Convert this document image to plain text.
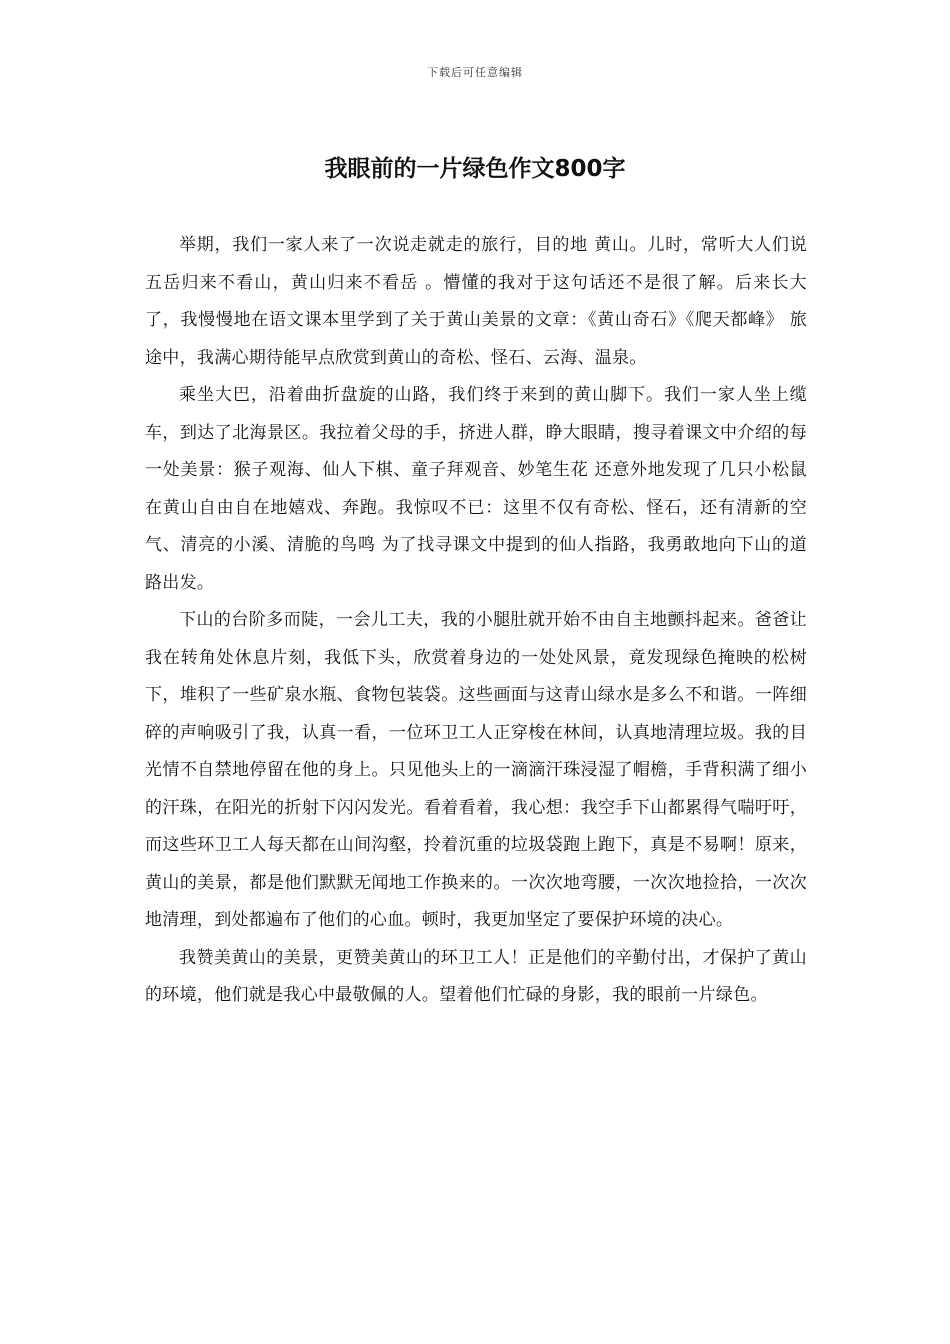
下载后可任意编辑
我眼前的一片绿色作文800字

举期，我们一家人来了一次说走就走的旅行，目的地 黄山。儿时，常听大人们说 五岳归来不看山，黄山归来不看岳 。懵懂的我对于这句话还不是很了解。后来长大了，我慢慢地在语文课本里学到了关于黄山美景的文章：《黄山奇石》《爬天都峰》 旅途中，我满心期待能早点欣赏到黄山的奇松、怪石、云海、温泉。

乘坐大巴，沿着曲折盘旋的山路，我们终于来到的黄山脚下。我们一家人坐上缆车，到达了北海景区。我拉着父母的手，挤进人群，睁大眼睛，搜寻着课文中介绍的每一处美景：猴子观海、仙人下棋、童子拜观音、妙笔生花 还意外地发现了几只小松鼠在黄山自由自在地嬉戏、奔跑。我惊叹不已：这里不仅有奇松、怪石，还有清新的空气、清亮的小溪、清脆的鸟鸣 为了找寻课文中提到的仙人指路，我勇敢地向下山的道路出发。

下山的台阶多而陡，一会儿工夫，我的小腿肚就开始不由自主地颤抖起来。爸爸让我在转角处休息片刻，我低下头，欣赏着身边的一处处风景，竟发现绿色掩映的松树下，堆积了一些矿泉水瓶、食物包装袋。这些画面与这青山绿水是多么不和谐。一阵细碎的声响吸引了我，认真一看，一位环卫工人正穿梭在林间，认真地清理垃圾。我的目光情不自禁地停留在他的身上。只见他头上的一滴滴汗珠浸湿了帽檐，手背积满了细小的汗珠，在阳光的折射下闪闪发光。看着看着，我心想：我空手下山都累得气喘吁吁，而这些环卫工人每天都在山间沟壑，拎着沉重的垃圾袋跑上跑下，真是不易啊！原来，黄山的美景，都是他们默默无闻地工作换来的。一次次地弯腰，一次次地捡拾，一次次地清理，到处都遍布了他们的心血。顿时，我更加坚定了要保护环境的决心。

我赞美黄山的美景，更赞美黄山的环卫工人！正是他们的辛勤付出，才保护了黄山的环境，他们就是我心中最敬佩的人。望着他们忙碌的身影，我的眼前一片绿色。
